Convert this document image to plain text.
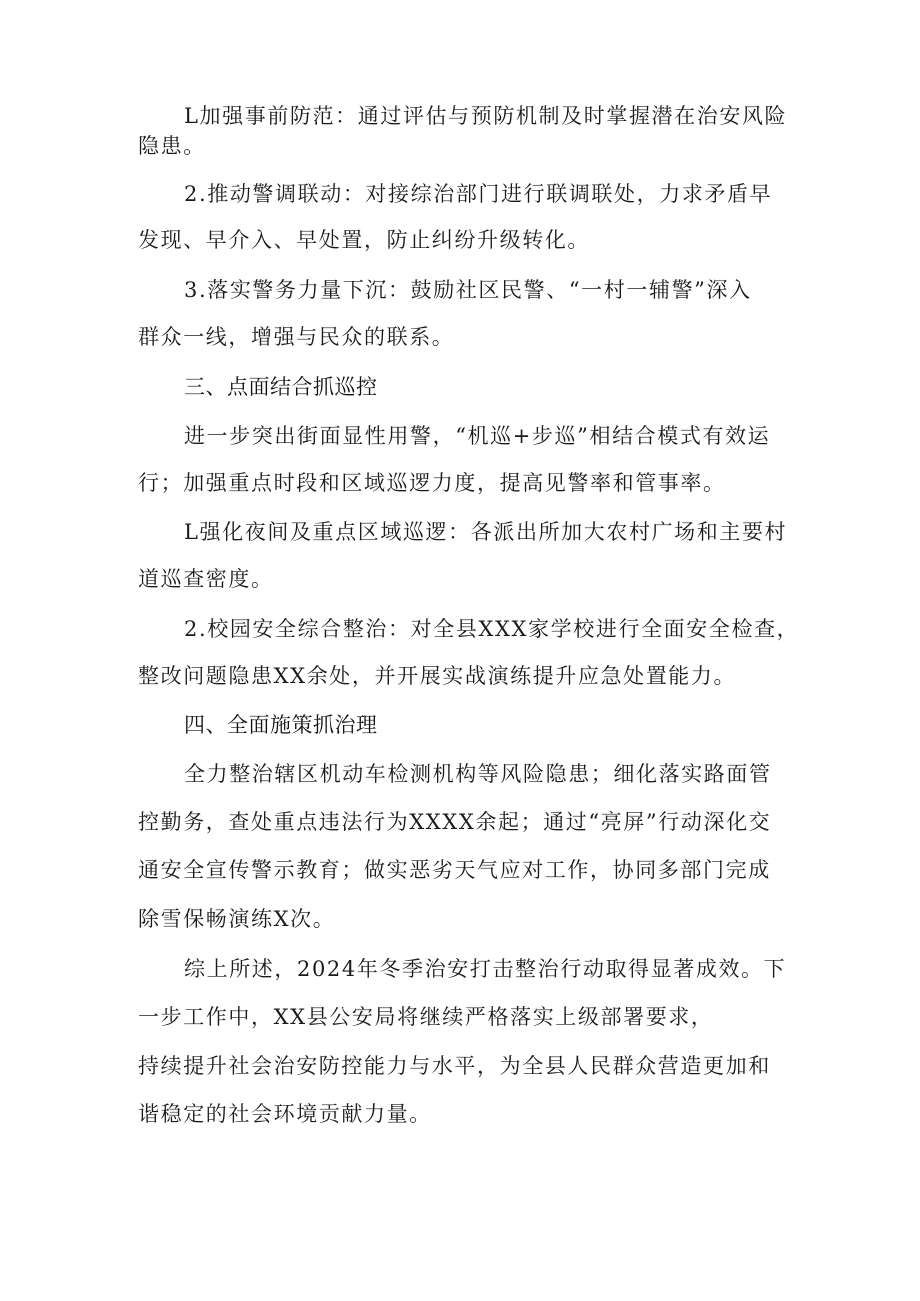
L加强事前防范：通过评估与预防机制及时掌握潜在治安风险
隐患。
2.推动警调联动：对接综治部门进行联调联处，力求矛盾早
发现、早介入、早处置，防止纠纷升级转化。
3.落实警务力量下沉：鼓励社区民警、“一村一辅警”深入
群众一线，增强与民众的联系。
三、点面结合抓巡控
进一步突出街面显性用警，“机巡+步巡”相结合模式有效运
行；加强重点时段和区域巡逻力度，提高见警率和管事率。
L强化夜间及重点区域巡逻：各派出所加大农村广场和主要村
道巡查密度。
2.校园安全综合整治：对全县XXX家学校进行全面安全检查，
整改问题隐患XX余处，并开展实战演练提升应急处置能力。
四、全面施策抓治理
全力整治辖区机动车检测机构等风险隐患；细化落实路面管
控勤务，查处重点违法行为XXXX余起；通过“亮屏”行动深化交
通安全宣传警示教育；做实恶劣天气应对工作，协同多部门完成
除雪保畅演练X次。
综上所述，2024年冬季治安打击整治行动取得显著成效。下
一步工作中，XX县公安局将继续严格落实上级部署要求，
持续提升社会治安防控能力与水平，为全县人民群众营造更加和
谐稳定的社会环境贡献力量。
